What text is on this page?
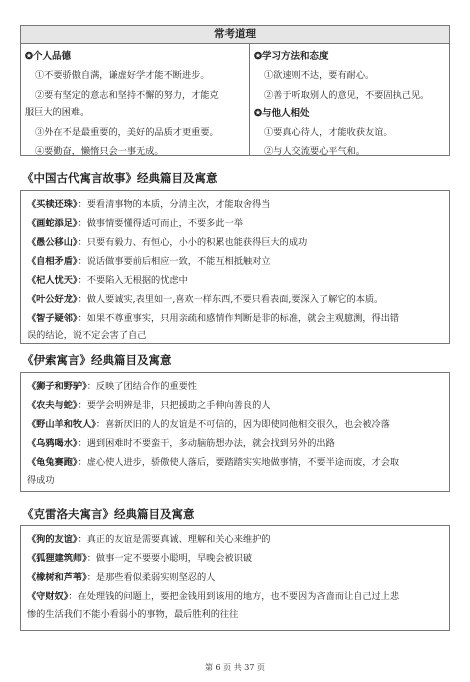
常考道理
✪个人品德
①不要骄傲自满，谦虚好学才能不断进步。
②要有坚定的意志和坚持不懈的努力，才能克
服巨大的困难。
③外在不是最重要的，美好的品质才更重要。
④要勤奋，懒惰只会一事无成。
✪学习方法和态度
①欲速则不达，要有耐心。
②善于听取别人的意见，不要固执己见。
✪与他人相处
①要真心待人，才能收获友谊。
②与人交流要心平气和。
《中国古代寓言故事》经典篇目及寓意
《买椟还珠》：要看清事物的本质，分清主次，才能取舍得当
《画蛇添足》：做事情要懂得适可而止，不要多此一举
《愚公移山》：只要有毅力、有恒心，小小的积累也能获得巨大的成功
《自相矛盾》：说话做事要前后相应一致，不能互相抵触对立
《杞人忧天》：不要陷入无根据的忧虑中
《叶公好龙》：做人要诚实,表里如一,喜欢一样东西,不要只看表面,要深入了解它的本质。
《智子疑邻》：如果不尊重事实，只用亲疏和感情作判断是非的标准，就会主观臆测，得出错
误的结论，说不定会害了自己
《伊索寓言》经典篇目及寓意
《狮子和野驴》：反映了团结合作的重要性
《农夫与蛇》：要学会明辨是非，只把援助之手伸向善良的人
《野山羊和牧人》：喜新厌旧的人的友谊是不可信的，因为即使同他相交很久，也会被冷落
《乌鸦喝水》：遇到困难时不要蛮干，多动脑筋想办法，就会找到另外的出路
《龟兔赛跑》：虚心使人进步，骄傲使人落后，要踏踏实实地做事情，不要半途而废，才会取
得成功
《克雷洛夫寓言》经典篇目及寓意
《狗的友谊》：真正的友谊是需要真诚、理解和关心来维护的
《狐狸建筑师》：做事一定不要要小聪明，早晚会被识破
《橡树和芦苇》：是那些看似柔弱实则坚忍的人
《守财奴》：在处理钱的问题上，要把金钱用到该用的地方，也不要因为吝啬而让自己过上悲
惨的生活我们不能小看弱小的事物，最后胜利的往往
第 6 页 共 37 页
